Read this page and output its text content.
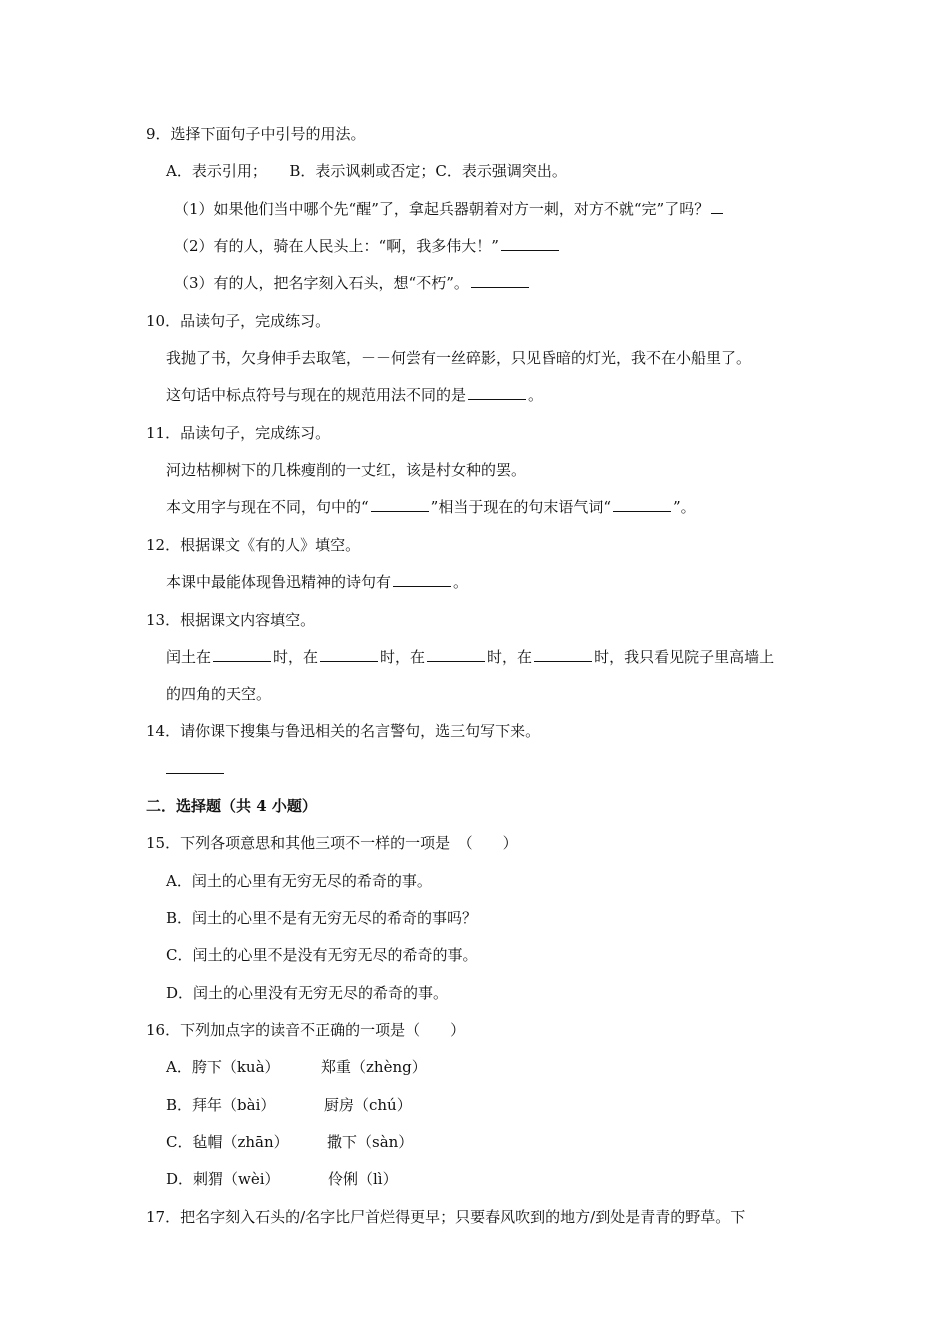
9．选择下面句子中引号的用法。
A．表示引用；　　B．表示讽刺或否定；C．表示强调突出。
（1）如果他们当中哪个先“醒”了，拿起兵器朝着对方一刺，对方不就“完”了吗？
（2）有的人，骑在人民头上：“啊，我多伟大！”
（3）有的人，把名字刻入石头，想“不朽”。
10．品读句子，完成练习。
我抛了书，欠身伸手去取笔，－－何尝有一丝碎影，只见昏暗的灯光，我不在小船里了。
这句话中标点符号与现在的规范用法不同的是	。
11．品读句子，完成练习。
河边枯柳树下的几株瘦削的一丈红，该是村女种的罢。
本文用字与现在不同，句中的“	”相当于现在的句末语气词“	”。
12．根据课文《有的人》填空。
本课中最能体现鲁迅精神的诗句有	。
13．根据课文内容填空。
闰土在	时，在	时，在	时，在	时，我只看见院子里高墙上
的四角的天空。
14．请你课下搜集与鲁迅相关的名言警句，选三句写下来。
二．选择题（共 4 小题）
15．下列各项意思和其他三项不一样的一项是　（　　）
A．闰土的心里有无穷无尽的希奇的事。
B．闰土的心里不是有无穷无尽的希奇的事吗？
C．闰土的心里不是没有无穷无尽的希奇的事。
D．闰土的心里没有无穷无尽的希奇的事。
16．下列加点字的读音不正确的一项是（　　）
A．胯下（kuà）	郑重（zhèng）
B．拜年（bài）	厨房（chú）
C．毡帽（zhān）	撒下（sàn）
D．刺猬（wèi）	伶俐（lì）
17．把名字刻入石头的/名字比尸首烂得更早；只要春风吹到的地方/到处是青青的野草。下
